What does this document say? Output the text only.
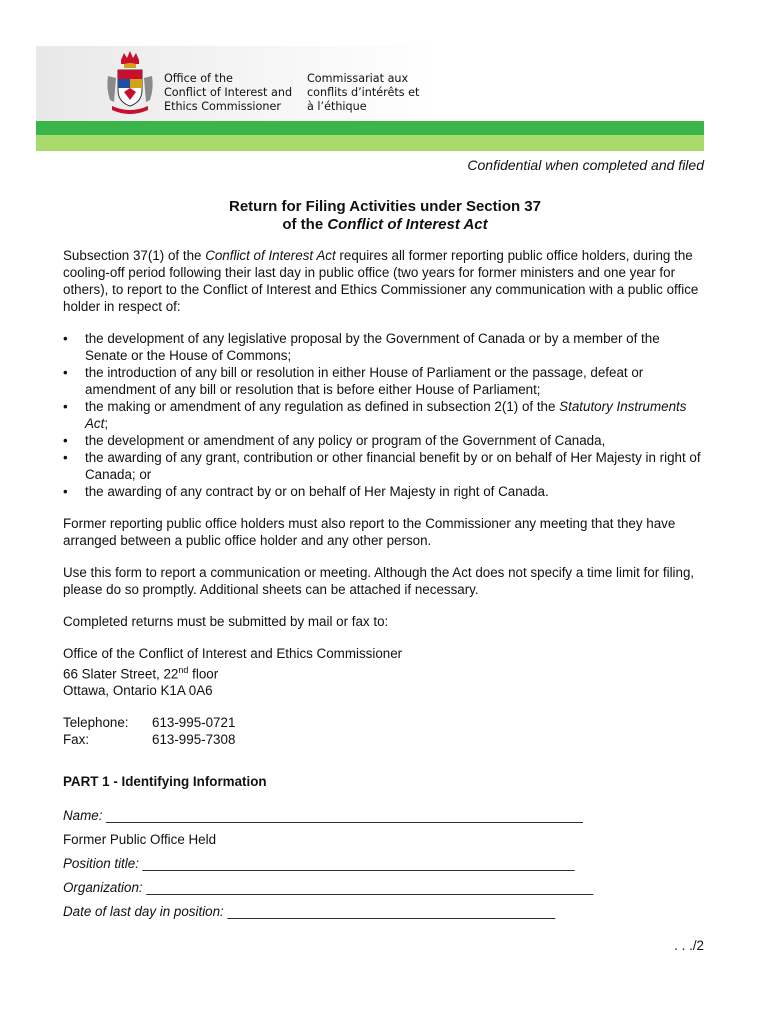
Office of the
Conflict of Interest and
Ethics Commissioner
Commissariat aux
conflits d’intérêts et
à l’éthique
Confidential when completed and filed
Return for Filing Activities under Section 37
of the Conflict of Interest Act

Subsection 37(1) of the Conflict of Interest Act requires all former reporting public office holders, during the cooling-off period following their last day in public office (two years for former ministers and one year for others), to report to the Conflict of Interest and Ethics Commissioner any communication with a public office holder in respect of:

• the development of any legislative proposal by the Government of Canada or by a member of the Senate or the House of Commons;
• the introduction of any bill or resolution in either House of Parliament or the passage, defeat or amendment of any bill or resolution that is before either House of Parliament;
• the making or amendment of any regulation as defined in subsection 2(1) of the Statutory Instruments Act;
• the development or amendment of any policy or program of the Government of Canada,
• the awarding of any grant, contribution or other financial benefit by or on behalf of Her Majesty in right of Canada; or
• the awarding of any contract by or on behalf of Her Majesty in right of Canada.

Former reporting public office holders must also report to the Commissioner any meeting that they have arranged between a public office holder and any other person.

Use this form to report a communication or meeting. Although the Act does not specify a time limit for filing, please do so promptly. Additional sheets can be attached if necessary.

Completed returns must be submitted by mail or fax to:

Office of the Conflict of Interest and Ethics Commissioner
66 Slater Street, 22nd floor
Ottawa, Ontario K1A 0A6

Telephone:	613-995-0721
Fax:	613-995-7308
PART 1 - Identifying Information
Name: ________________________________________________________________
Former Public Office Held
Position title: __________________________________________________________
Organization: ____________________________________________________________
Date of last day in position: ____________________________________________
. . ./2
